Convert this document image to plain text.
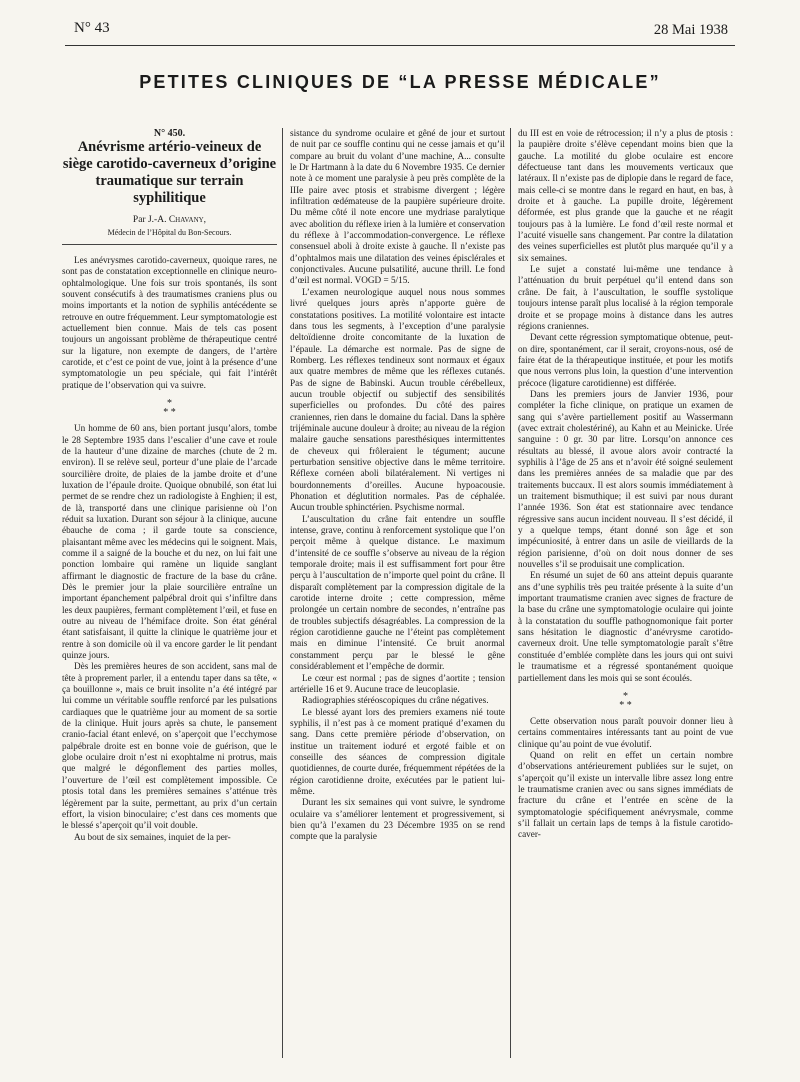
N° 43	28 Mai 1938
PETITES CLINIQUES DE “LA PRESSE MÉDICALE”

N° 450.

Anévrisme artério-veineux de siège carotido-caverneux d’origine traumatique sur terrain syphilitique

Par J.-A. Chavany,

Médecin de l’Hôpital du Bon-Secours.

Les anévrysmes carotido-caverneux, quoique rares, ne sont pas de constatation exceptionnelle en clinique neuro-ophtalmologique. Une fois sur trois spontanés, ils sont souvent consécutifs à des traumatismes craniens plus ou moins importants et la notion de syphilis antécédente se retrouve en outre fréquemment. Leur symptomatologie est actuellement bien connue. Mais de tels cas posent toujours un angoissant problème de thérapeutique centré sur la ligature, non exempte de dangers, de l’artère carotide, et c’est ce point de vue, joint à la présence d’une symptomatologie un peu spéciale, qui fait l’intérêt pratique de l’observation qui va suivre.

*
* *

Un homme de 60 ans, bien portant jusqu’alors, tombe le 28 Septembre 1935 dans l’escalier d’une cave et roule de la hauteur d’une dizaine de marches (chute de 2 m. environ). Il se relève seul, porteur d’une plaie de l’arcade sourcilière droite, de plaies de la jambe droite et d’une luxation de l’épaule droite. Quoique obnubilé, son état lui permet de se rendre chez un radiologiste à Enghien; il est, de là, transporté dans une clinique parisienne où l’on réduit sa luxation. Durant son séjour à la clinique, aucune ébauche de coma ; il garde toute sa conscience, plaisantant même avec les médecins qui le soignent. Mais, comme il a saigné de la bouche et du nez, on lui fait une ponction lombaire qui ramène un liquide sanglant affirmant le diagnostic de fracture de la base du crâne. Dès le premier jour la plaie sourcilière entraîne un important épanchement palpébral droit qui s’infiltre dans les deux paupières, fermant complètement l’œil, et fuse en outre au niveau de l’hémiface droite. Son état général étant satisfaisant, il quitte la clinique le quatrième jour et rentre à son domicile où il va encore garder le lit pendant quinze jours.

Dès les premières heures de son accident, sans mal de tête à proprement parler, il a entendu taper dans sa tête, « ça bouillonne », mais ce bruit insolite n’a été intégré par lui comme un véritable souffle renforcé par les pulsations cardiaques que le quatrième jour au moment de sa sortie de la clinique. Huit jours après sa chute, le pansement cranio-facial étant enlevé, on s’aperçoit que l’ecchymose palpébrale droite est en bonne voie de guérison, que le globe oculaire droit n’est ni exophtalme ni protrus, mais que malgré le dégonflement des parties molles, l’ouverture de l’œil est complètement impossible. Ce ptosis total dans les premières semaines s’atténue très légèrement par la suite, permettant, au prix d’un certain effort, la vision binoculaire; c’est dans ces moments que le blessé s’aperçoit qu’il voit double.

Au bout de six semaines, inquiet de la per-

sistance du syndrome oculaire et gêné de jour et surtout de nuit par ce souffle continu qui ne cesse jamais et qu’il compare au bruit du volant d’une machine, A... consulte le Dr Hartmann à la date du 6 Novembre 1935. Ce dernier note à ce moment une paralysie à peu près complète de la IIIe paire avec ptosis et strabisme divergent ; légère infiltration œdémateuse de la paupière supérieure droite. Du même côté il note encore une mydriase paralytique avec abolition du réflexe irien à la lumière et conservation du réflexe à l’accommodation-convergence. Le réflexe consensuel aboli à droite existe à gauche. Il n’existe pas d’ophtalmos mais une dilatation des veines épisclérales et conjonctivales. Aucune pulsatilité, aucune thrill. Le fond d’œil est normal. VOGD = 5/15.

L’examen neurologique auquel nous nous sommes livré quelques jours après n’apporte guère de constatations positives. La motilité volontaire est intacte dans tous les segments, à l’exception d’une paralysie deltoïdienne droite concomitante de la luxation de l’épaule. La démarche est normale. Pas de signe de Romberg. Les réflexes tendineux sont normaux et égaux aux quatre membres de même que les réflexes cutanés. Pas de signe de Babinski. Aucun trouble cérébelleux, aucun trouble objectif ou subjectif des sensibilités superficielles ou profondes. Du côté des paires craniennes, rien dans le domaine du facial. Dans la sphère trijéminale aucune douleur à droite; au niveau de la région malaire gauche sensations paresthésiques intermittentes de cheveux qui frôleraient le tégument; aucune perturbation sensitive objective dans le même territoire. Réflexe cornéen aboli bilatéralement. Ni vertiges ni bourdonnements d’oreilles. Aucune hypoacousie. Phonation et déglutition normales. Pas de céphalée. Aucun trouble sphinctérien. Psychisme normal.

L’auscultation du crâne fait entendre un souffle intense, grave, continu à renforcement systolique que l’on perçoit même à quelque distance. Le maximum d’intensité de ce souffle s’observe au niveau de la région temporale droite; mais il est suffisamment fort pour être perçu à l’auscultation de n’importe quel point du crâne. Il disparaît complètement par la compression digitale de la carotide interne droite ; cette compression, même prolongée un certain nombre de secondes, n’entraîne pas de troubles subjectifs désagréables. La compression de la région carotidienne gauche ne l’éteint pas complètement mais en diminue l’intensité. Ce bruit anormal constamment perçu par le blessé le gêne considérablement et l’empêche de dormir.

Le cœur est normal ; pas de signes d’aortite ; tension artérielle 16 et 9. Aucune trace de leucoplasie.

Radiographies stéréoscopiques du crâne négatives.

Le blessé ayant lors des premiers examens nié toute syphilis, il n’est pas à ce moment pratiqué d’examen du sang. Dans cette première période d’observation, on institue un traitement ioduré et ergoté faible et on conseille des séances de compression digitale quotidiennes, de courte durée, fréquemment répétées de la région carotidienne droite, exécutées par le patient lui-même.

Durant les six semaines qui vont suivre, le syndrome oculaire va s’améliorer lentement et progressivement, si bien qu’à l’examen du 23 Décembre 1935 on se rend compte que la paralysie

du III est en voie de rétrocession; il n’y a plus de ptosis : la paupière droite s’élève cependant moins bien que la gauche. La motilité du globe oculaire est encore défectueuse tant dans les mouvements verticaux que latéraux. Il n’existe pas de diplopie dans le regard de face, mais celle-ci se montre dans le regard en haut, en bas, à droite et à gauche. La pupille droite, légèrement déformée, est plus grande que la gauche et ne réagit toujours pas à la lumière. Le fond d’œil reste normal et l’acuité visuelle sans changement. Par contre la dilatation des veines superficielles est plutôt plus marquée qu’il y a six semaines.

Le sujet a constaté lui-même une tendance à l’atténuation du bruit perpétuel qu’il entend dans son crâne. De fait, à l’auscultation, le souffle systolique toujours intense paraît plus localisé à la région temporale droite et se propage moins à distance dans les autres régions craniennes.

Devant cette régression symptomatique obtenue, peut-on dire, spontanément, car il serait, croyons-nous, osé de faire état de la thérapeutique instituée, et pour les motifs que nous verrons plus loin, la question d’une intervention précoce (ligature carotidienne) est différée.

Dans les premiers jours de Janvier 1936, pour compléter la fiche clinique, on pratique un examen de sang qui s’avère partiellement positif au Wassermann (avec extrait cholestériné), au Kahn et au Meinicke. Urée sanguine : 0 gr. 30 par litre. Lorsqu’on annonce ces résultats au blessé, il avoue alors avoir contracté la syphilis à l’âge de 25 ans et n’avoir été soigné seulement dans les premières années de sa maladie que par des traitements buccaux. Il est alors soumis immédiatement à un traitement bismuthique; il est suivi par nous durant l’année 1936. Son état est stationnaire avec tendance régressive sans aucun incident nouveau. Il s’est décidé, il y a quelque temps, étant donné son âge et son impécuniosité, à entrer dans un asile de vieillards de la région parisienne, d’où on doit nous donner de ses nouvelles s’il se produisait une complication.

En résumé un sujet de 60 ans atteint depuis quarante ans d’une syphilis très peu traitée présente à la suite d’un important traumatisme cranien avec signes de fracture de la base du crâne une symptomatologie oculaire qui jointe à la constatation du souffle pathognomonique fait porter sans hésitation le diagnostic d’anévrysme carotido-caverneux droit. Une telle symptomatologie paraît s’être constituée d’emblée complète dans les jours qui ont suivi le traumatisme et a régressé spontanément quoique partiellement dans les mois qui se sont écoulés.

*
* *

Cette observation nous paraît pouvoir donner lieu à certains commentaires intéressants tant au point de vue clinique qu’au point de vue évolutif.

Quand on relit en effet un certain nombre d’observations antérieurement publiées sur le sujet, on s’aperçoit qu’il existe un intervalle libre assez long entre le traumatisme cranien avec ou sans signes immédiats de fracture du crâne et l’entrée en scène de la symptomatologie spécifiquement anévrysmale, comme s’il fallait un certain laps de temps à la fistule carotido-caver-
